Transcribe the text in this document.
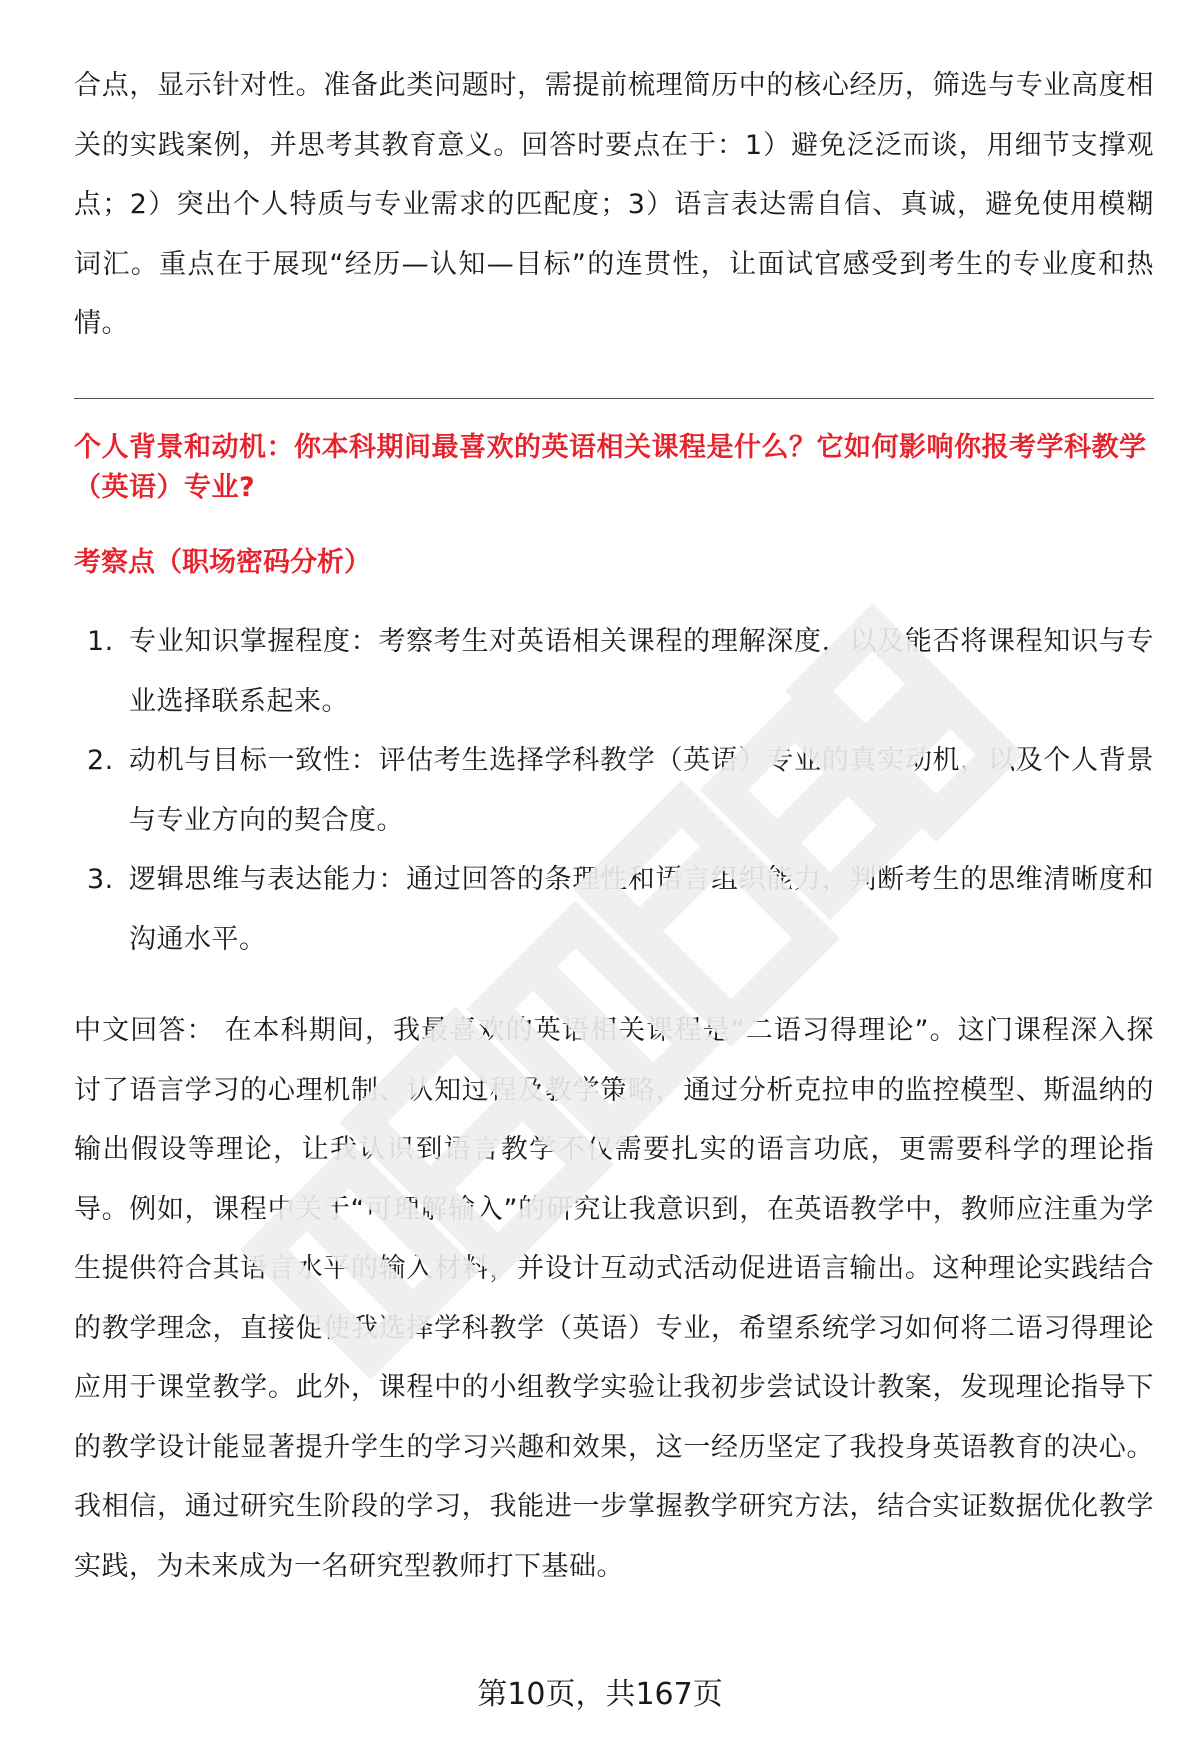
合点，显示针对性。准备此类问题时，需提前梳理简历中的核心经历，筛选与专业高度相关的实践案例，并思考其教育意义。回答时要点在于：1）避免泛泛而谈，用细节支撑观点；2）突出个人特质与专业需求的匹配度；3）语言表达需自信、真诚，避免使用模糊词汇。重点在于展现“经历—认知—目标”的连贯性，让面试官感受到考生的专业度和热情。

个人背景和动机：你本科期间最喜欢的英语相关课程是什么？它如何影响你报考学科教学（英语）专业?

考察点（职场密码分析）

1. 专业知识掌握程度：考察考生对英语相关课程的理解深度，以及能否将课程知识与专业选择联系起来。
2. 动机与目标一致性：评估考生选择学科教学（英语）专业的真实动机，以及个人背景与专业方向的契合度。
3. 逻辑思维与表达能力：通过回答的条理性和语言组织能力，判断考生的思维清晰度和沟通水平。

中文回答： 在本科期间，我最喜欢的英语相关课程是“二语习得理论”。这门课程深入探讨了语言学习的心理机制、认知过程及教学策略，通过分析克拉申的监控模型、斯温纳的输出假设等理论，让我认识到语言教学不仅需要扎实的语言功底，更需要科学的理论指导。例如，课程中关于“可理解输入”的研究让我意识到，在英语教学中，教师应注重为学生提供符合其语言水平的输入材料，并设计互动式活动促进语言输出。这种理论实践结合的教学理念，直接促使我选择学科教学（英语）专业，希望系统学习如何将二语习得理论应用于课堂教学。此外，课程中的小组教学实验让我初步尝试设计教案，发现理论指导下的教学设计能显著提升学生的学习兴趣和效果，这一经历坚定了我投身英语教育的决心。我相信，通过研究生阶段的学习，我能进一步掌握教学研究方法，结合实证数据优化教学实践，为未来成为一名研究型教师打下基础。

第10页，共167页
